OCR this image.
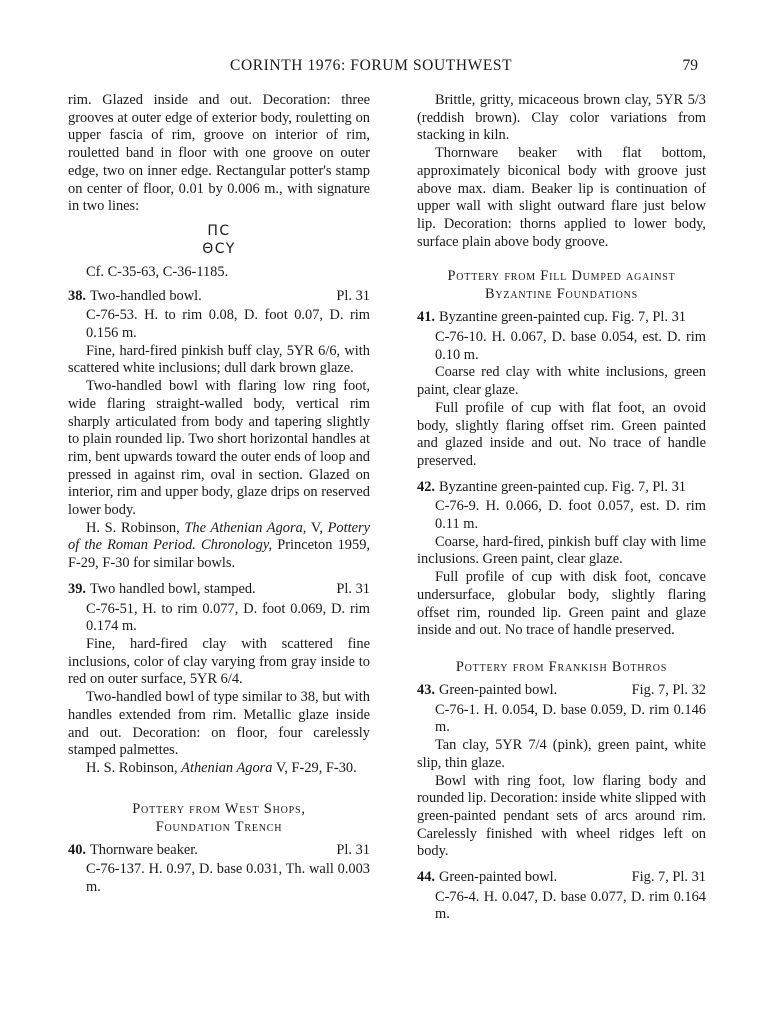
CORINTH 1976: FORUM SOUTHWEST	79

rim. Glazed inside and out. Decoration: three grooves at outer edge of exterior body, rouletting on upper fascia of rim, groove on interior of rim, rouletted band in floor with one groove on outer edge, two on inner edge. Rectangular potter's stamp on center of floor, 0.01 by 0.006 m., with signature in two lines:

ΠC
ΘCY

Cf. C-35-63, C-36-1185.

38. Two-handled bowl.	Pl. 31

C-76-53. H. to rim 0.08, D. foot 0.07, D. rim 0.156 m.

Fine, hard-fired pinkish buff clay, 5YR 6/6, with scattered white inclusions; dull dark brown glaze.

Two-handled bowl with flaring low ring foot, wide flaring straight-walled body, vertical rim sharply articulated from body and tapering slightly to plain rounded lip. Two short horizontal handles at rim, bent upwards toward the outer ends of loop and pressed in against rim, oval in section. Glazed on interior, rim and upper body, glaze drips on reserved lower body.

H. S. Robinson, The Athenian Agora, V, Pottery of the Roman Period. Chronology, Princeton 1959, F-29, F-30 for similar bowls.

39. Two handled bowl, stamped.	Pl. 31

C-76-51, H. to rim 0.077, D. foot 0.069, D. rim 0.174 m.

Fine, hard-fired clay with scattered fine inclusions, color of clay varying from gray inside to red on outer surface, 5YR 6/4.

Two-handled bowl of type similar to 38, but with handles extended from rim. Metallic glaze inside and out. Decoration: on floor, four carelessly stamped palmettes.

H. S. Robinson, Athenian Agora V, F-29, F-30.

Pottery from West Shops,
Foundation Trench
40. Thornware beaker.	Pl. 31

C-76-137. H. 0.97, D. base 0.031, Th. wall 0.003 m.

Brittle, gritty, micaceous brown clay, 5YR 5/3 (reddish brown). Clay color variations from stacking in kiln.

Thornware beaker with flat bottom, approximately biconical body with groove just above max. diam. Beaker lip is continuation of upper wall with slight outward flare just below lip. Decoration: thorns applied to lower body, surface plain above body groove.

Pottery from Fill Dumped against
Byzantine Foundations
41. Byzantine green-painted cup. Fig. 7, Pl. 31

C-76-10. H. 0.067, D. base 0.054, est. D. rim 0.10 m.

Coarse red clay with white inclusions, green paint, clear glaze.

Full profile of cup with flat foot, an ovoid body, slightly flaring offset rim. Green painted and glazed inside and out. No trace of handle preserved.

42. Byzantine green-painted cup. Fig. 7, Pl. 31

C-76-9. H. 0.066, D. foot 0.057, est. D. rim 0.11 m.

Coarse, hard-fired, pinkish buff clay with lime inclusions. Green paint, clear glaze.

Full profile of cup with disk foot, concave undersurface, globular body, slightly flaring offset rim, rounded lip. Green paint and glaze inside and out. No trace of handle preserved.

Pottery from Frankish Bothros
43. Green-painted bowl.	Fig. 7, Pl. 32

C-76-1. H. 0.054, D. base 0.059, D. rim 0.146 m.

Tan clay, 5YR 7/4 (pink), green paint, white slip, thin glaze.

Bowl with ring foot, low flaring body and rounded lip. Decoration: inside white slipped with green-painted pendant sets of arcs around rim. Carelessly finished with wheel ridges left on body.

44. Green-painted bowl.	Fig. 7, Pl. 31

C-76-4. H. 0.047, D. base 0.077, D. rim 0.164 m.
